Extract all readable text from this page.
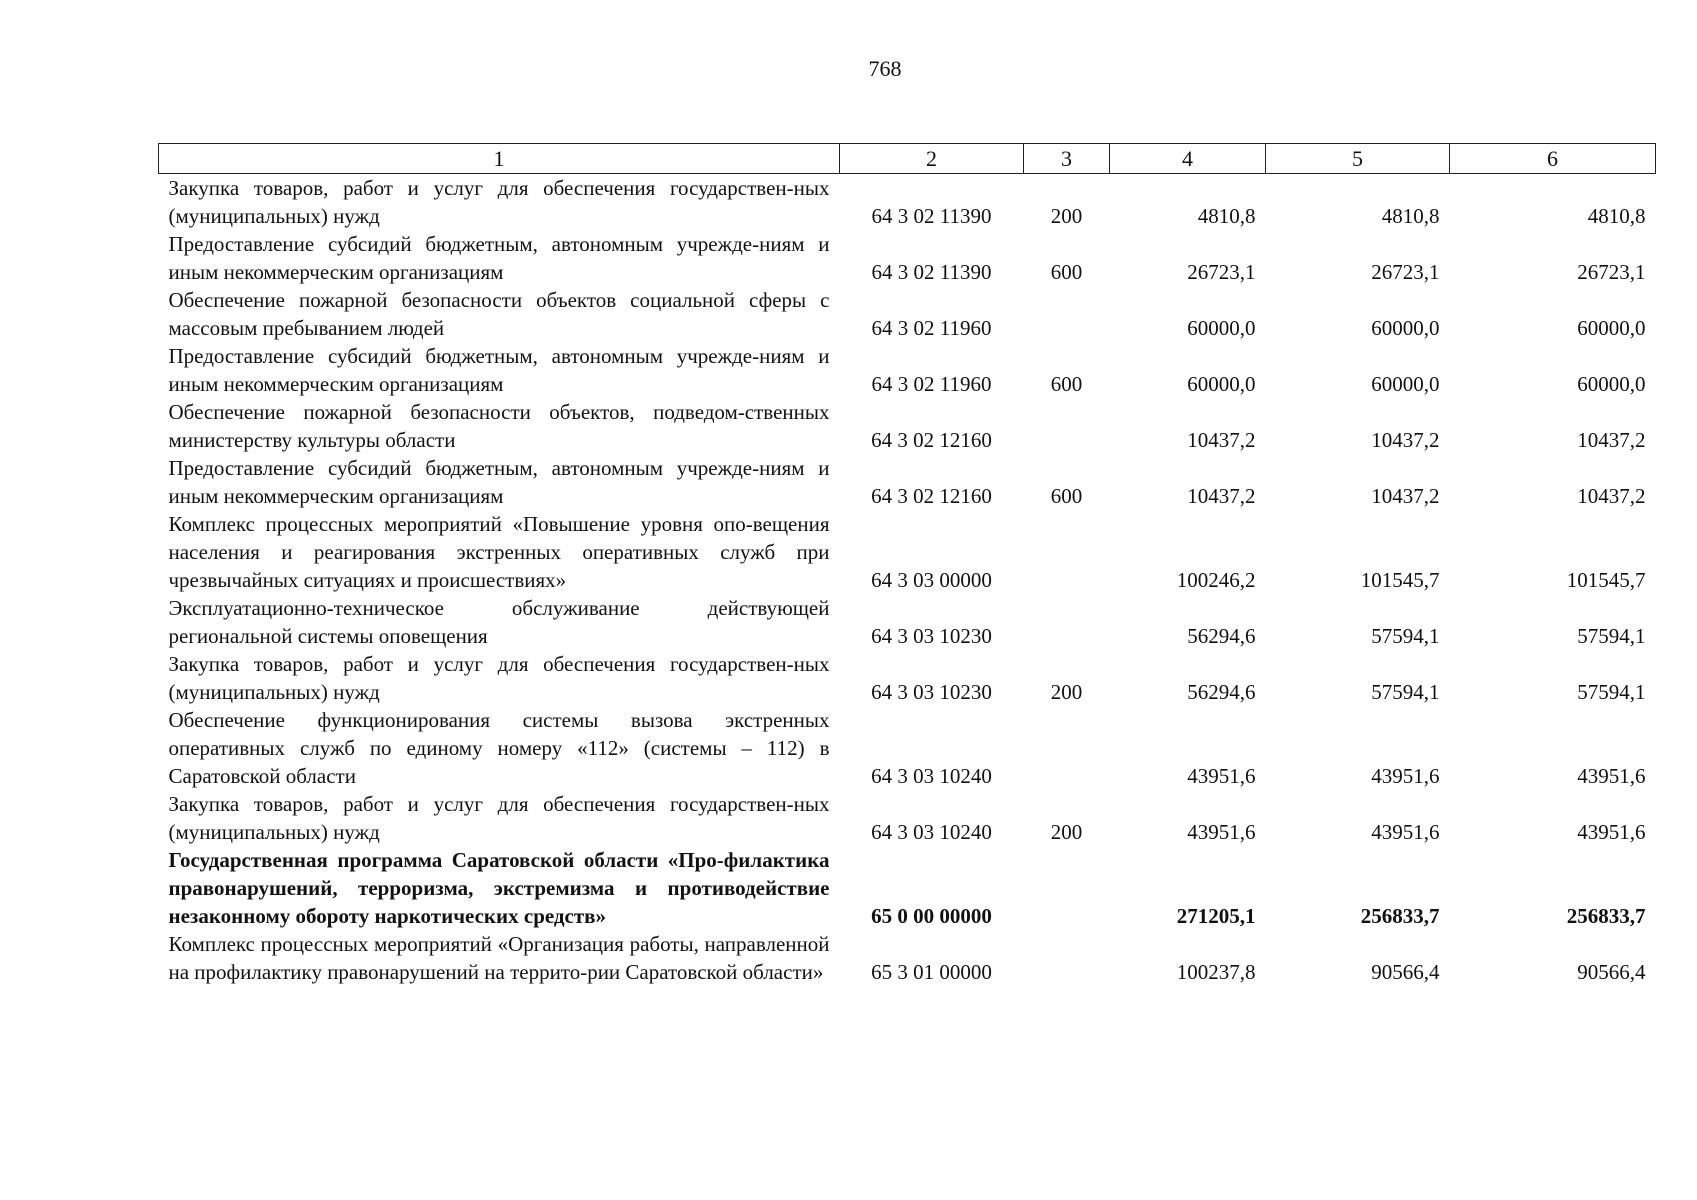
768
1	2	3	4	5	6
Закупка товаров, работ и услуг для обеспечения государствен-ных (муниципальных) нужд	64 3 02 11390	200	4810,8	4810,8	4810,8
Предоставление субсидий бюджетным, автономным учрежде-ниям и иным некоммерческим организациям	64 3 02 11390	600	26723,1	26723,1	26723,1
Обеспечение пожарной безопасности объектов социальной сферы с массовым пребыванием людей	64 3 02 11960		60000,0	60000,0	60000,0
Предоставление субсидий бюджетным, автономным учрежде-ниям и иным некоммерческим организациям	64 3 02 11960	600	60000,0	60000,0	60000,0
Обеспечение пожарной безопасности объектов, подведом-ственных министерству культуры области	64 3 02 12160		10437,2	10437,2	10437,2
Предоставление субсидий бюджетным, автономным учрежде-ниям и иным некоммерческим организациям	64 3 02 12160	600	10437,2	10437,2	10437,2
Комплекс процессных мероприятий «Повышение уровня опо-вещения населения и реагирования экстренных оперативных служб при чрезвычайных ситуациях и происшествиях»	64 3 03 00000		100246,2	101545,7	101545,7
Эксплуатационно-техническое обслуживание действующей региональной системы оповещения	64 3 03 10230		56294,6	57594,1	57594,1
Закупка товаров, работ и услуг для обеспечения государствен-ных (муниципальных) нужд	64 3 03 10230	200	56294,6	57594,1	57594,1
Обеспечение функционирования системы вызова экстренных оперативных служб по единому номеру «112» (системы – 112) в Саратовской области	64 3 03 10240		43951,6	43951,6	43951,6
Закупка товаров, работ и услуг для обеспечения государствен-ных (муниципальных) нужд	64 3 03 10240	200	43951,6	43951,6	43951,6
Государственная программа Саратовской области «Про-филактика правонарушений, терроризма, экстремизма и противодействие незаконному обороту наркотических средств»	65 0 00 00000		271205,1	256833,7	256833,7
Комплекс процессных мероприятий «Организация работы, направленной на профилактику правонарушений на террито-рии Саратовской области»	65 3 01 00000		100237,8	90566,4	90566,4
